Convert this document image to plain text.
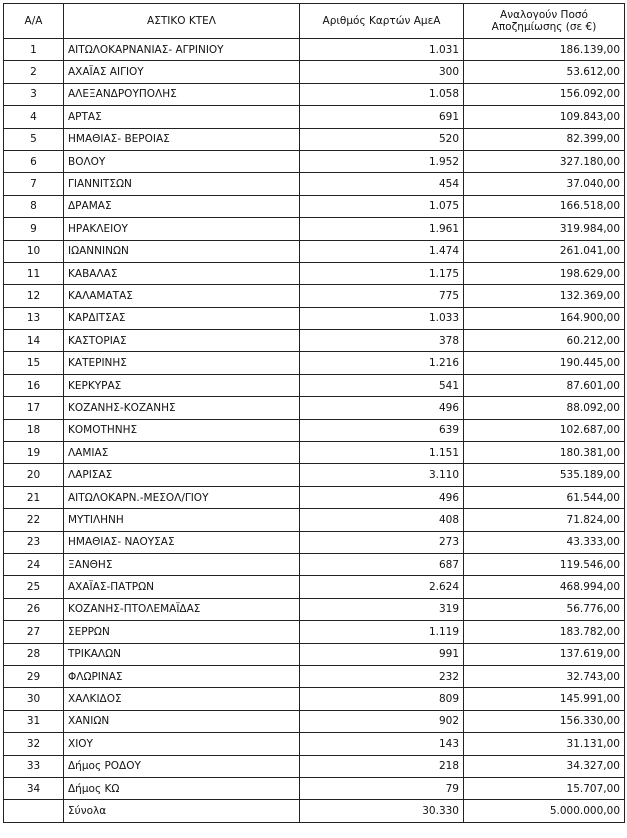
Α/Α	ΑΣΤΙΚΟ ΚΤΕΛ	Αριθμός Καρτών ΑμεΑ	Αναλογούν Ποσό Αποζημίωσης (σε €)
1	ΑΙΤΩΛΟΚΑΡΝΑΝΙΑΣ- ΑΓΡΙΝΙΟΥ	1.031	186.139,00
2	ΑΧΑΪΑΣ ΑΙΓΙΟΥ	300	53.612,00
3	ΑΛΕΞΑΝΔΡΟΥΠΟΛΗΣ	1.058	156.092,00
4	ΑΡΤΑΣ	691	109.843,00
5	ΗΜΑΘΙΑΣ- ΒΕΡΟΙΑΣ	520	82.399,00
6	ΒΟΛΟΥ	1.952	327.180,00
7	ΓΙΑΝΝΙΤΣΩΝ	454	37.040,00
8	ΔΡΑΜΑΣ	1.075	166.518,00
9	ΗΡΑΚΛΕΙΟΥ	1.961	319.984,00
10	ΙΩΑΝΝΙΝΩΝ	1.474	261.041,00
11	ΚΑΒΑΛΑΣ	1.175	198.629,00
12	ΚΑΛΑΜΑΤΑΣ	775	132.369,00
13	ΚΑΡΔΙΤΣΑΣ	1.033	164.900,00
14	ΚΑΣΤΟΡΙΑΣ	378	60.212,00
15	ΚΑΤΕΡΙΝΗΣ	1.216	190.445,00
16	ΚΕΡΚΥΡΑΣ	541	87.601,00
17	ΚΟΖΑΝΗΣ-ΚΟΖΑΝΗΣ	496	88.092,00
18	ΚΟΜΟΤΗΝΗΣ	639	102.687,00
19	ΛΑΜΙΑΣ	1.151	180.381,00
20	ΛΑΡΙΣΑΣ	3.110	535.189,00
21	ΑΙΤΩΛΟΚΑΡΝ.-ΜΕΣΟΛ/ΓΙΟΥ	496	61.544,00
22	ΜΥΤΙΛΗΝΗ	408	71.824,00
23	ΗΜΑΘΙΑΣ- ΝΑΟΥΣΑΣ	273	43.333,00
24	ΞΑΝΘΗΣ	687	119.546,00
25	ΑΧΑΪΑΣ-ΠΑΤΡΩΝ	2.624	468.994,00
26	ΚΟΖΑΝΗΣ-ΠΤΟΛΕΜΑΪΔΑΣ	319	56.776,00
27	ΣΕΡΡΩΝ	1.119	183.782,00
28	ΤΡΙΚΑΛΩΝ	991	137.619,00
29	ΦΛΩΡΙΝΑΣ	232	32.743,00
30	ΧΑΛΚΙΔΟΣ	809	145.991,00
31	ΧΑΝΙΩΝ	902	156.330,00
32	ΧΙΟΥ	143	31.131,00
33	Δήμος ΡΟΔΟΥ	218	34.327,00
34	Δήμος ΚΩ	79	15.707,00
	Σύνολα	30.330	5.000.000,00
